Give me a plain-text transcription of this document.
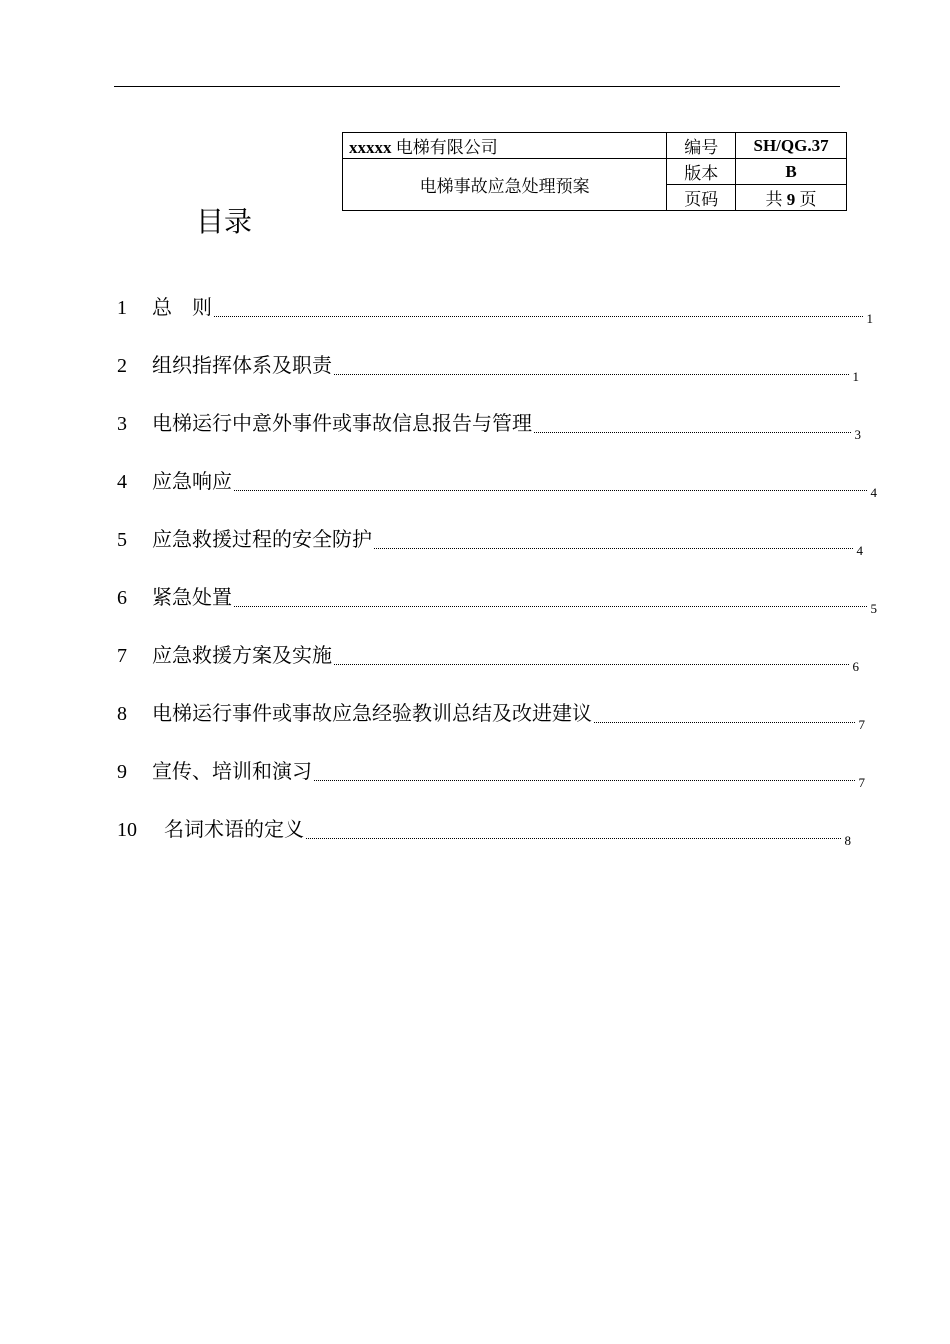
xxxxx 电梯有限公司	编号	SH/QG.37
电梯事故应急处理预案	版本	B
	页码	共 9 页
目录
1	总　则	1
2	组织指挥体系及职责	1
3	电梯运行中意外事件或事故信息报告与管理	3
4	应急响应	4
5	应急救援过程的安全防护	4
6	紧急处置	5
7	应急救援方案及实施	6
8	电梯运行事件或事故应急经验教训总结及改进建议	7
9	宣传、培训和演习	7
10	名词术语的定义	8
